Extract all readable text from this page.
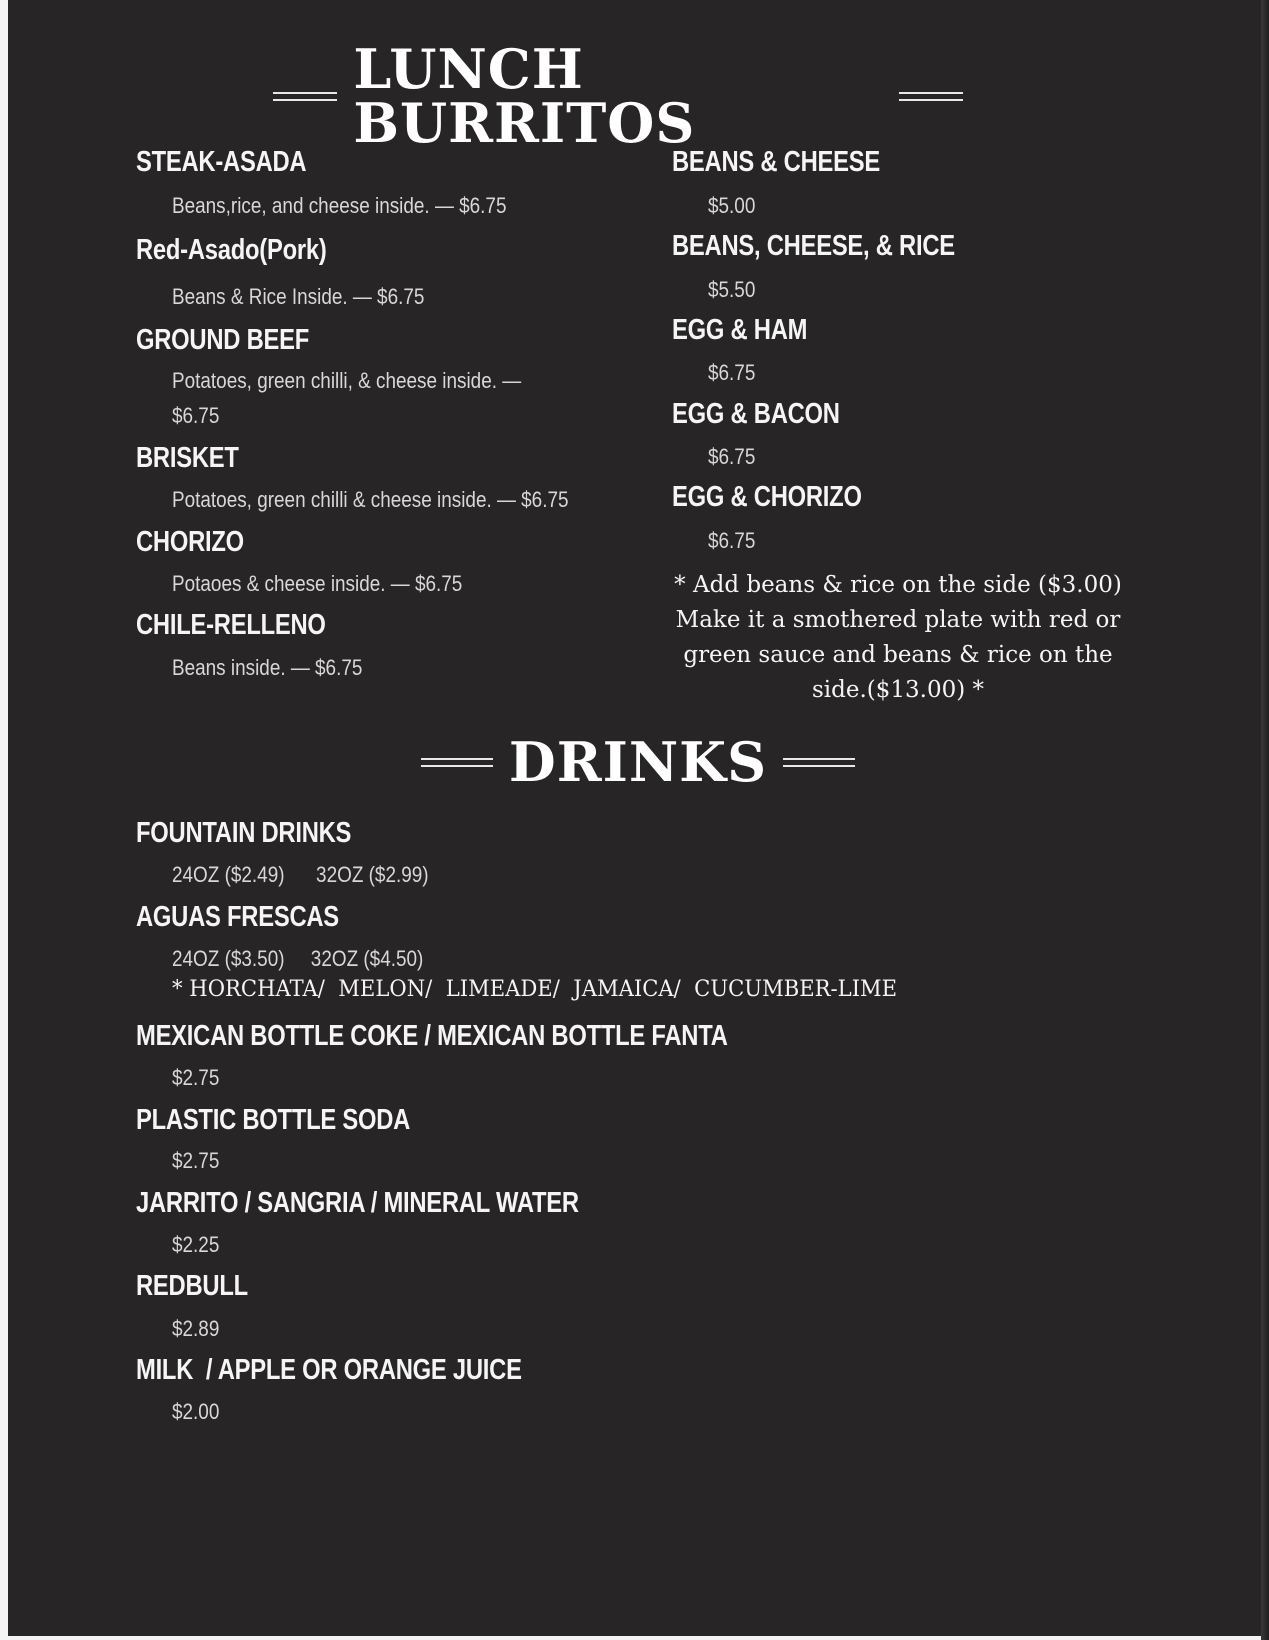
LUNCH BURRITOS
STEAK-ASADA
Beans,rice, and cheese inside. — $6.75
Red-Asado(Pork)
Beans & Rice Inside. — $6.75
GROUND BEEF
Potatoes, green chilli, & cheese inside. —
$6.75
BRISKET
Potatoes, green chilli & cheese inside. — $6.75
CHORIZO
Potaoes & cheese inside. — $6.75
CHILE-RELLENO
Beans inside. — $6.75
BEANS & CHEESE
$5.00
BEANS, CHEESE, & RICE
$5.50
EGG & HAM
$6.75
EGG & BACON
$6.75
EGG & CHORIZO
$6.75
* Add beans & rice on the side ($3.00) Make it a smothered plate with red or green sauce and beans & rice on the side.($13.00) *
DRINKS
FOUNTAIN DRINKS
24OZ ($2.49)      32OZ ($2.99)
AGUAS FRESCAS
24OZ ($3.50)     32OZ ($4.50)
* HORCHATA/  MELON/  LIMEADE/  JAMAICA/  CUCUMBER-LIME
MEXICAN BOTTLE COKE / MEXICAN BOTTLE FANTA
$2.75
PLASTIC BOTTLE SODA
$2.75
JARRITO / SANGRIA / MINERAL WATER
$2.25
REDBULL
$2.89
MILK  / APPLE OR ORANGE JUICE
$2.00
